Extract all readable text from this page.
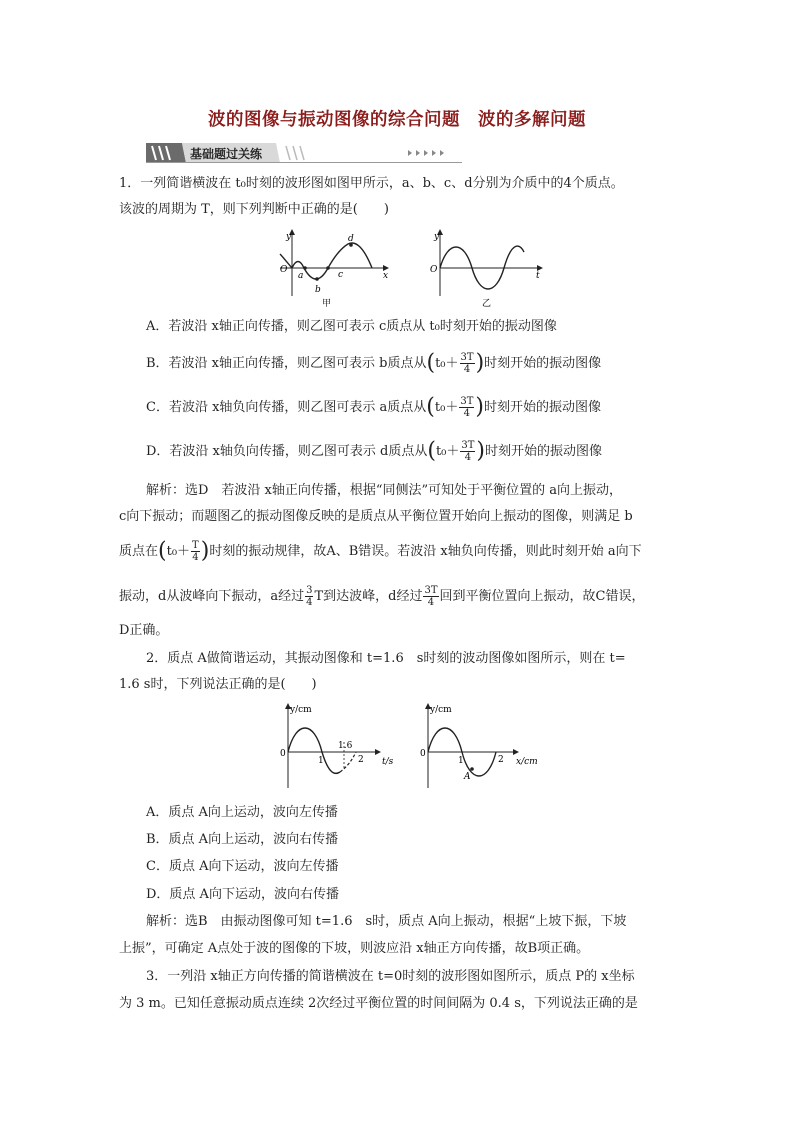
波的图像与振动图像的综合问题　波的多解问题
基础题过关练
1．一列简谐横波在 t₀时刻的波形图如图甲所示，a、b、c、d分别为介质中的4个质点。
该波的周期为 T，则下列判断中正确的是(　　)
y
O
x
a
b
c
d
甲
y
O
t
乙
A．若波沿 x轴正向传播，则乙图可表示 c质点从 t₀时刻开始的振动图像
B．若波沿 x轴正向传播，则乙图可表示 b质点从($t_0+ \frac{3T}{4}$ )时刻开始的振动图像
C．若波沿 x轴负向传播，则乙图可表示 a质点从($t_0+ \frac{3T}{4}$ )时刻开始的振动图像
D．若波沿 x轴负向传播，则乙图可表示 d质点从($t_0+ \frac{3T}{4}$ )时刻开始的振动图像
解析：选D　若波沿 x轴正向传播，根据“同侧法”可知处于平衡位置的 a向上振动，
c向下振动；而题图乙的振动图像反映的是质点从平衡位置开始向上振动的图像，则满足 b
质点在($t_0+ \frac{T}{4}$ )时刻的振动规律，故A、B错误。若波沿 x轴负向传播，则此时刻开始 a向下
振动，d从波峰向下振动，a经过 $\frac{3}{4}$ T到达波峰，d经过 $\frac{3T}{4}$ 回到平衡位置向上振动，故C错误，
D正确。
2．质点 A做简谐运动，其振动图像和 t=1.6　s时刻的波动图像如图所示，则在 t=
1.6 s时，下列说法正确的是(　　)
y/cm
0
1
1.6
2 t/s
y/cm
0
1	2
A
x/cm
A．质点 A向上运动，波向左传播
B．质点 A向上运动，波向右传播
C．质点 A向下运动，波向左传播
D．质点 A向下运动，波向右传播
解析：选B　由振动图像可知 t=1.6　s时，质点 A向上振动，根据“上坡下振，下坡
上振”，可确定 A点处于波的图像的下坡，则波应沿 x轴正方向传播，故B项正确。
3．一列沿 x轴正方向传播的简谐横波在 t=0时刻的波形图如图所示，质点 P的 x坐标
为 3 m。已知任意振动质点连续 2次经过平衡位置的时间间隔为 0.4 s，下列说法正确的是
